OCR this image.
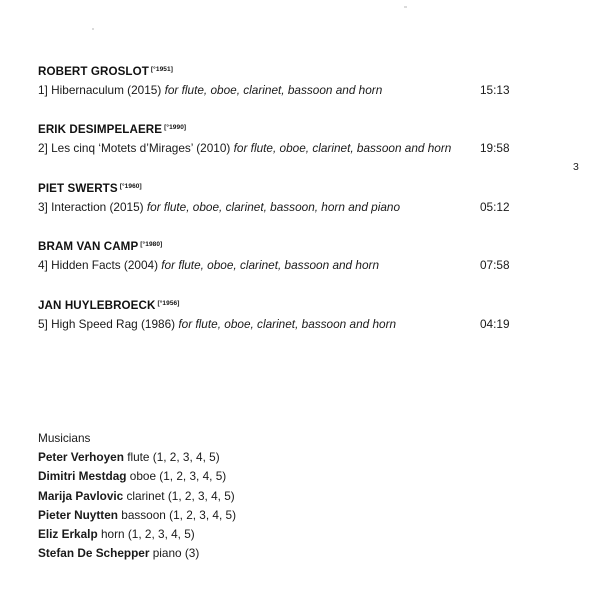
3
ROBERT GROSLOT [°1951]
1] Hibernaculum (2015) for flute, oboe, clarinet, bassoon and horn	15:13
ERIK DESIMPELAERE [°1990]
2] Les cinq ‘Motets d’Mirages’ (2010) for flute, oboe, clarinet, bassoon and horn 19:58
PIET SWERTS [°1960]
3] Interaction (2015) for flute, oboe, clarinet, bassoon, horn and piano	05:12
BRAM VAN CAMP [°1980]
4] Hidden Facts (2004) for flute, oboe, clarinet, bassoon and horn	07:58
JAN HUYLEBROECK [°1956]
5] High Speed Rag (1986) for flute, oboe, clarinet, bassoon and horn	04:19
Musicians
Peter Verhoyen flute (1, 2, 3, 4, 5)
Dimitri Mestdag oboe (1, 2, 3, 4, 5)
Marija Pavlovic clarinet (1, 2, 3, 4, 5)
Pieter Nuytten bassoon (1, 2, 3, 4, 5)
Eliz Erkalp horn (1, 2, 3, 4, 5)
Stefan De Schepper piano (3)
